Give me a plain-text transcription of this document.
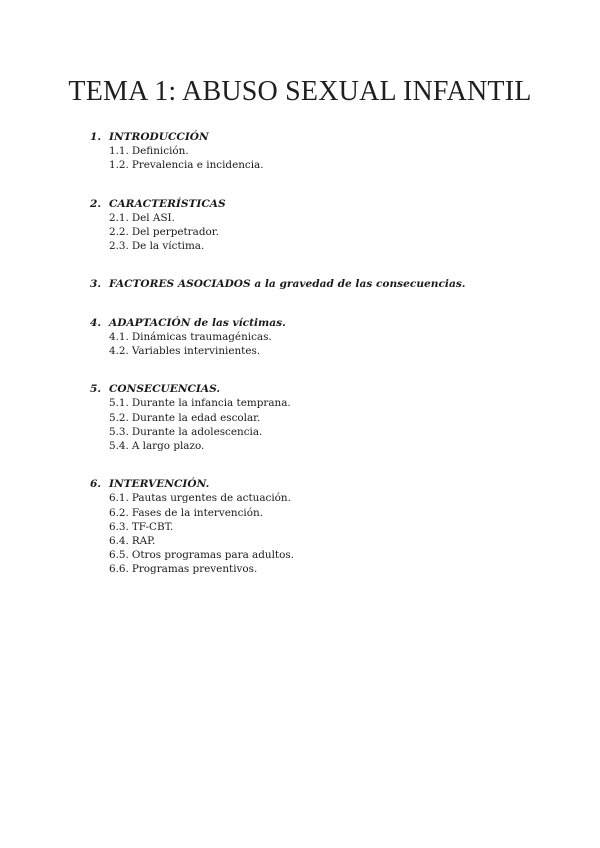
TEMA 1: ABUSO SEXUAL INFANTIL
1. INTRODUCCIÓN
1.1. Definición.
1.2. Prevalencia e incidencia.
2. CARACTERÍSTICAS
2.1. Del ASI.
2.2. Del perpetrador.
2.3. De la víctima.
3. FACTORES ASOCIADOS a la gravedad de las consecuencias.
4. ADAPTACIÓN de las víctimas.
4.1. Dinámicas traumagénicas.
4.2. Variables intervinientes.
5. CONSECUENCIAS.
5.1. Durante la infancia temprana.
5.2. Durante la edad escolar.
5.3. Durante la adolescencia.
5.4. A largo plazo.
6. INTERVENCIÓN.
6.1. Pautas urgentes de actuación.
6.2. Fases de la intervención.
6.3. TF-CBT.
6.4. RAP.
6.5. Otros programas para adultos.
6.6. Programas preventivos.
